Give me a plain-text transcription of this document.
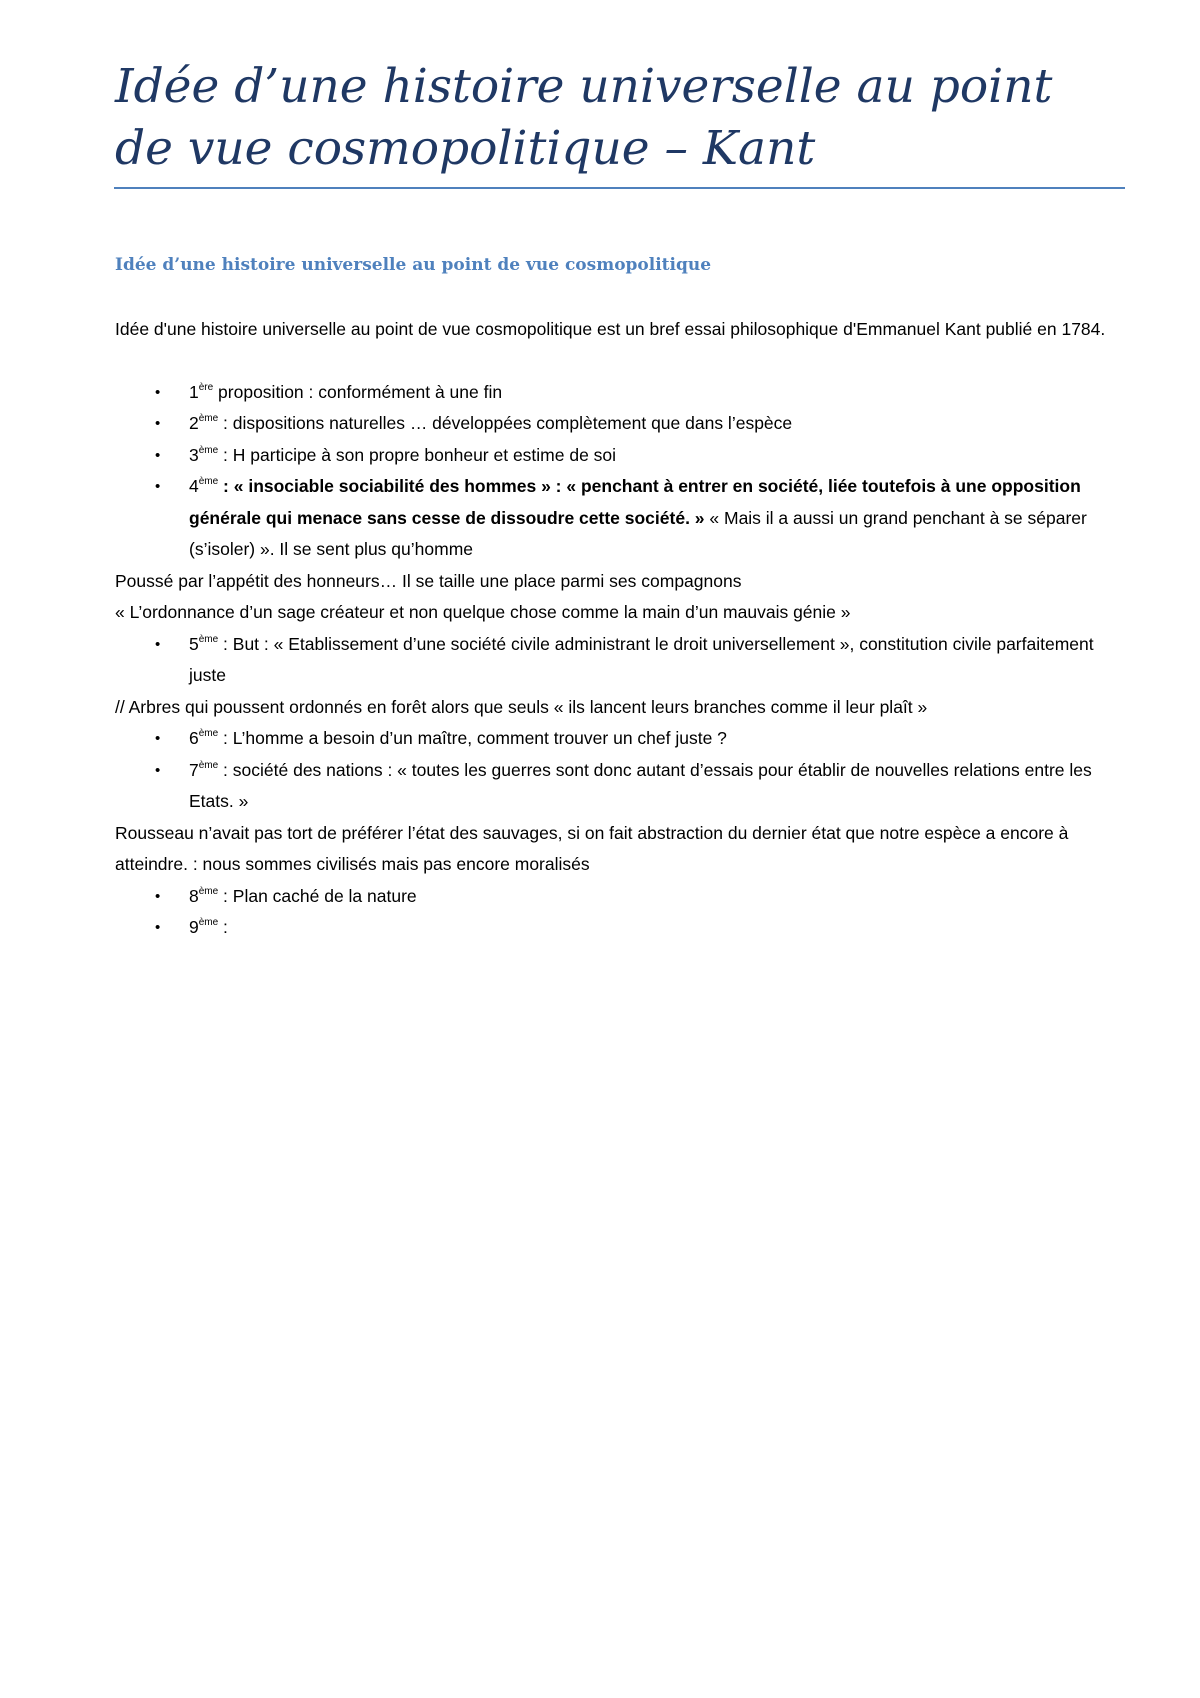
Idée d’une histoire universelle au point de vue cosmopolitique – Kant
Idée d’une histoire universelle au point de vue cosmopolitique

Idée d'une histoire universelle au point de vue cosmopolitique est un bref essai philosophique d'Emmanuel Kant publié en 1784.

• 1ère proposition : conformément à une fin
• 2ème : dispositions naturelles … développées complètement que dans l’espèce
• 3ème : H participe à son propre bonheur et estime de soi
• 4ème : « insociable sociabilité des hommes » : « penchant à entrer en société, liée toutefois à une opposition générale qui menace sans cesse de dissoudre cette société. » « Mais il a aussi un grand penchant à se séparer (s’isoler) ». Il se sent plus qu’homme

Poussé par l’appétit des honneurs… Il se taille une place parmi ses compagnons

« L’ordonnance d’un sage créateur et non quelque chose comme la main d’un mauvais génie »

• 5ème : But : « Etablissement d’une société civile administrant le droit universellement », constitution civile parfaitement juste

// Arbres qui poussent ordonnés en forêt alors que seuls « ils lancent leurs branches comme il leur plaît »

• 6ème : L’homme a besoin d’un maître, comment trouver un chef juste ?
• 7ème : société des nations : « toutes les guerres sont donc autant d’essais pour établir de nouvelles relations entre les Etats. »

Rousseau n’avait pas tort de préférer l’état des sauvages, si on fait abstraction du dernier état que notre espèce a encore à atteindre. : nous sommes civilisés mais pas encore moralisés

• 8ème : Plan caché de la nature
• 9ème :
